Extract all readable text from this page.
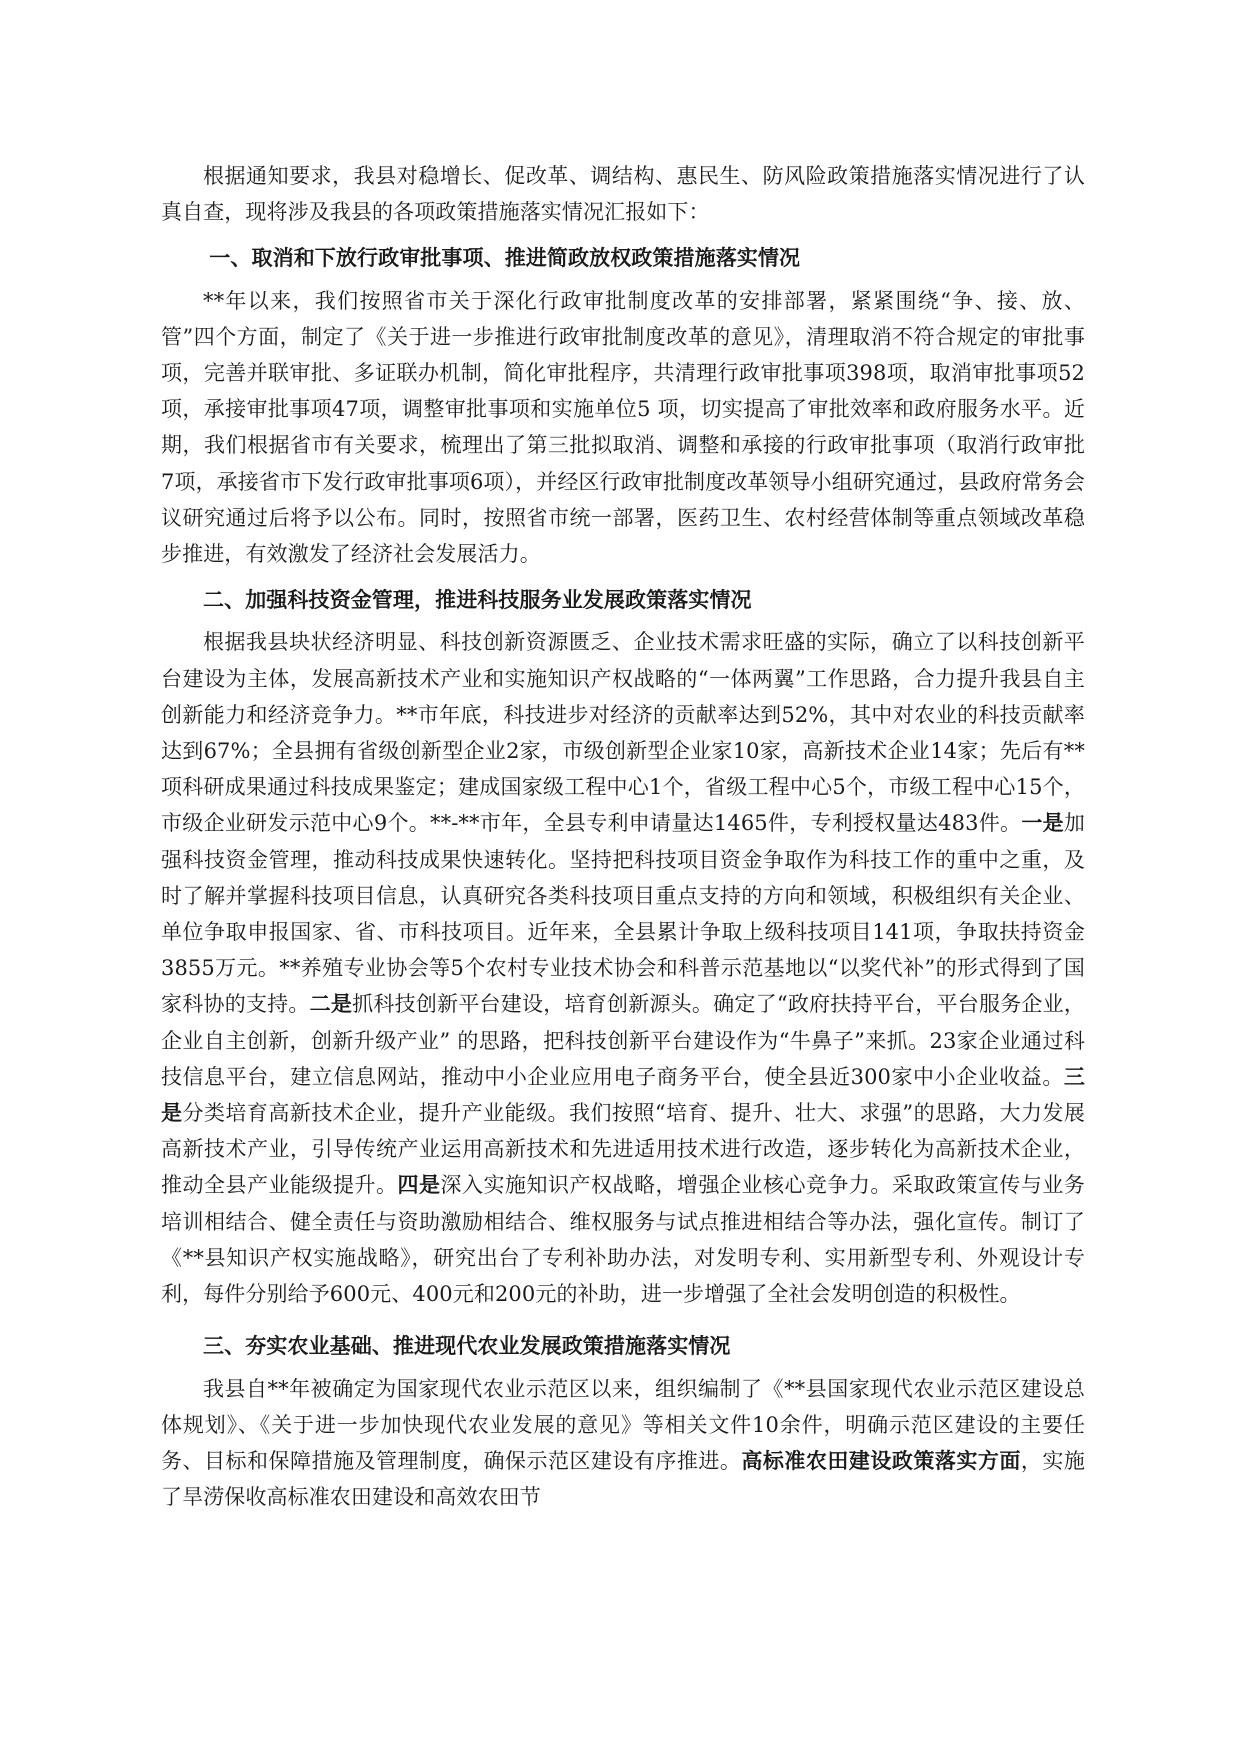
根据通知要求，我县对稳增长、促改革、调结构、惠民生、防风险政策措施落实情况进行了认真自查，现将涉及我县的各项政策措施落实情况汇报如下：

一、取消和下放行政审批事项、推进简政放权政策措施落实情况

**年以来，我们按照省市关于深化行政审批制度改革的安排部署，紧紧围绕“争、接、放、管”四个方面，制定了《关于进一步推进行政审批制度改革的意见》，清理取消不符合规定的审批事项，完善并联审批、多证联办机制，简化审批程序，共清理行政审批事项398项，取消审批事项52项，承接审批事项47项，调整审批事项和实施单位5 项，切实提高了审批效率和政府服务水平。近期，我们根据省市有关要求，梳理出了第三批拟取消、调整和承接的行政审批事项（取消行政审批 7项，承接省市下发行政审批事项6项），并经区行政审批制度改革领导小组研究通过，县政府常务会议研究通过后将予以公布。同时，按照省市统一部署，医药卫生、农村经营体制等重点领域改革稳步推进，有效激发了经济社会发展活力。

二、加强科技资金管理，推进科技服务业发展政策落实情况

根据我县块状经济明显、科技创新资源匮乏、企业技术需求旺盛的实际，确立了以科技创新平台建设为主体，发展高新技术产业和实施知识产权战略的“一体两翼”工作思路，合力提升我县自主创新能力和经济竞争力。**市年底，科技进步对经济的贡献率达到52%，其中对农业的科技贡献率达到67%；全县拥有省级创新型企业2家，市级创新型企业家10家，高新技术企业14家；先后有**项科研成果通过科技成果鉴定；建成国家级工程中心1个，省级工程中心5个，市级工程中心15个，市级企业研发示范中心9个。**-**市年，全县专利申请量达1465件，专利授权量达483件。一是加强科技资金管理，推动科技成果快速转化。坚持把科技项目资金争取作为科技工作的重中之重，及时了解并掌握科技项目信息，认真研究各类科技项目重点支持的方向和领域，积极组织有关企业、单位争取申报国家、省、市科技项目。近年来，全县累计争取上级科技项目141项，争取扶持资金3855万元。**养殖专业协会等5个农村专业技术协会和科普示范基地以“以奖代补”的形式得到了国家科协的支持。二是抓科技创新平台建设，培育创新源头。确定了“政府扶持平台，平台服务企业，企业自主创新，创新升级产业” 的思路，把科技创新平台建设作为“牛鼻子”来抓。23家企业通过科技信息平台，建立信息网站，推动中小企业应用电子商务平台，使全县近300家中小企业收益。三是分类培育高新技术企业，提升产业能级。我们按照“培育、提升、壮大、求强”的思路，大力发展高新技术产业，引导传统产业运用高新技术和先进适用技术进行改造，逐步转化为高新技术企业，推动全县产业能级提升。四是深入实施知识产权战略，增强企业核心竞争力。采取政策宣传与业务培训相结合、健全责任与资助激励相结合、维权服务与试点推进相结合等办法，强化宣传。制订了《**县知识产权实施战略》，研究出台了专利补助办法，对发明专利、实用新型专利、外观设计专利，每件分别给予600元、400元和200元的补助，进一步增强了全社会发明创造的积极性。

三、夯实农业基础、推进现代农业发展政策措施落实情况

我县自**年被确定为国家现代农业示范区以来，组织编制了《**县国家现代农业示范区建设总体规划》、《关于进一步加快现代农业发展的意见》等相关文件10余件，明确示范区建设的主要任务、目标和保障措施及管理制度，确保示范区建设有序推进。高标准农田建设政策落实方面，实施了旱涝保收高标准农田建设和高效农田节
